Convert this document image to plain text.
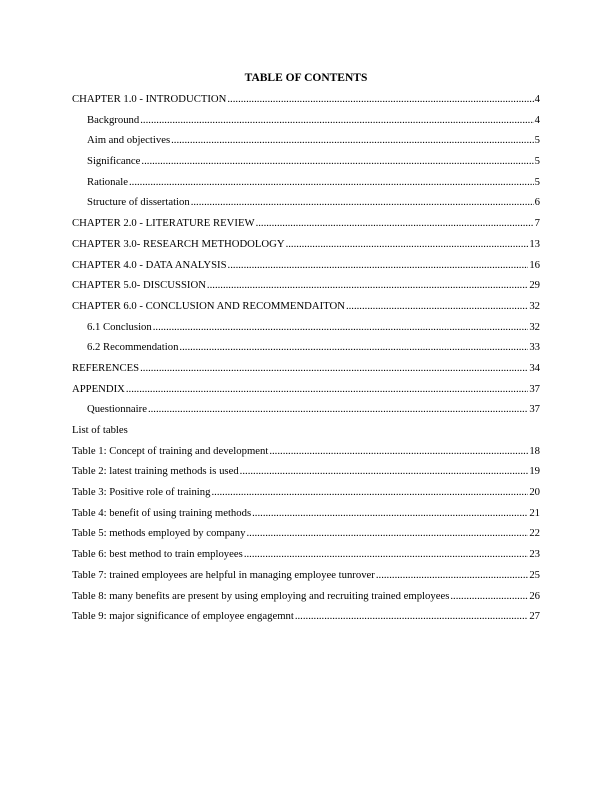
TABLE OF CONTENTS
CHAPTER 1.0 - INTRODUCTION .....	4
Background .....	4
Aim and objectives .....	5
Significance .....	5
Rationale .....	5
Structure of dissertation .....	6
CHAPTER 2.0 - LITERATURE REVIEW .....	7
CHAPTER 3.0- RESEARCH METHODOLOGY .....	13
CHAPTER 4.0 - DATA ANALYSIS .....	16
CHAPTER 5.0- DISCUSSION .....	29
CHAPTER 6.0 - CONCLUSION AND RECOMMENDAITON .....	32
6.1 Conclusion .....	32
6.2 Recommendation .....	33
REFERENCES .....	34
APPENDIX .....	37
Questionnaire .....	37
List of tables
Table 1: Concept of training and development .....	18
Table 2: latest training methods is used .....	19
Table 3: Positive role of training .....	20
Table 4: benefit of using training methods .....	21
Table 5: methods employed by company .....	22
Table 6: best method to train employees .....	23
Table 7: trained employees are helpful in managing employee tunrover .....	25
Table 8: many benefits are present by using employing and recruiting trained employees .....	26
Table 9: major significance of employee engagemnt .....	27
